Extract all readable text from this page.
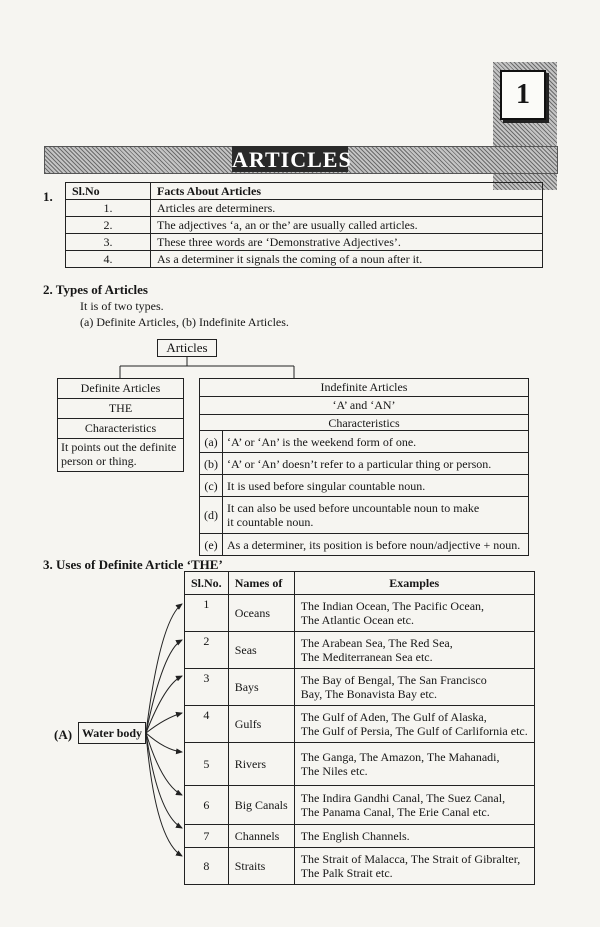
1
ARTICLES
1. Sl.No	Facts About Articles
1.	Articles are determiners.
2.	The adjectives ‘a, an or the’ are usually called articles.
3.	These three words are ‘Demonstrative Adjectives’.
4.	As a determiner it signals the coming of a noun after it.
2. Types of Articles
It is of two types.
(a) Definite Articles, (b) Indefinite Articles.
Articles
Definite Articles
THE
Characteristics
It points out the definite
person or thing.
Indefinite Articles
‘A’ and ‘AN’
Characteristics
(a)	‘A’ or ‘An’ is the weekend form of one.
(b)	‘A’ or ‘An’ doesn’t refer to a particular thing or person.
(c)	It is used before singular countable noun.
(d)	It can also be used before uncountable noun to make
it countable noun.

(e)	As a determiner, its position is before noun/adjective + noun.
3. Uses of Definite Article ‘THE’
(A) Water body
Sl.No.	Names of	Examples
1	Oceans	The Indian Ocean, The Pacific Ocean,
The Atlantic Ocean etc.

2	Seas	The Arabean Sea, The Red Sea,
The Mediterranean Sea etc.

3	Bays	The Bay of Bengal, The San Francisco
Bay, The Bonavista Bay etc.

4	Gulfs	The Gulf of Aden, The Gulf of Alaska,
The Gulf of Persia, The Gulf of Carlifornia etc.

5	Rivers	The Ganga, The Amazon, The Mahanadi,
The Niles etc.

6	Big Canals	The Indira Gandhi Canal, The Suez Canal,
The Panama Canal, The Erie Canal etc.

7	Channels	The English Channels.
8	Straits	The Strait of Malacca, The Strait of Gibralter,
The Palk Strait etc.
